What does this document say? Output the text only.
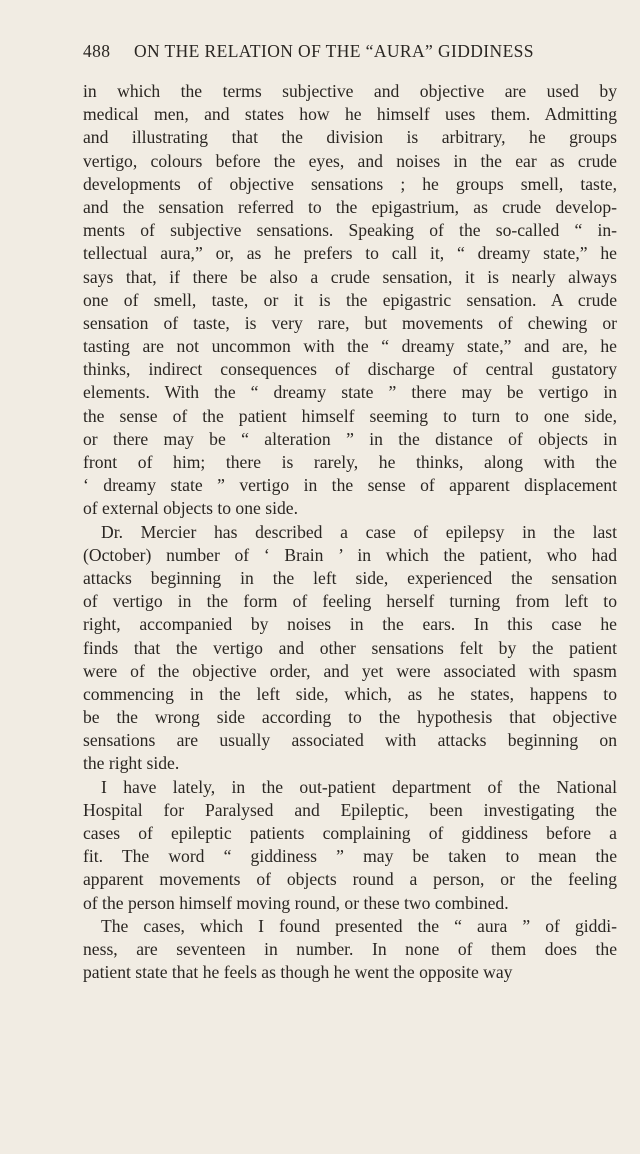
488 ON THE RELATION OF THE “AURA” GIDDINESS
in which the terms subjective and objective are used by
medical men, and states how he himself uses them. Admitting
and illustrating that the division is arbitrary, he groups
vertigo, colours before the eyes, and noises in the ear as crude
developments of objective sensations ; he groups smell, taste,
and the sensation referred to the epigastrium, as crude develop-
ments of subjective sensations. Speaking of the so-called “ in-
tellectual aura,” or, as he prefers to call it, “ dreamy state,” he
says that, if there be also a crude sensation, it is nearly always
one of smell, taste, or it is the epigastric sensation. A crude
sensation of taste, is very rare, but movements of chewing or
tasting are not uncommon with the “ dreamy state,” and are, he
thinks, indirect consequences of discharge of central gustatory
elements. With the “ dreamy state ” there may be vertigo in
the sense of the patient himself seeming to turn to one side,
or there may be “ alteration ” in the distance of objects in
front of him; there is rarely, he thinks, along with the
‘ dreamy state ” vertigo in the sense of apparent displacement
of external objects to one side.
Dr. Mercier has described a case of epilepsy in the last
(October) number of ‘ Brain ’ in which the patient, who had
attacks beginning in the left side, experienced the sensation
of vertigo in the form of feeling herself turning from left to
right, accompanied by noises in the ears. In this case he
finds that the vertigo and other sensations felt by the patient
were of the objective order, and yet were associated with spasm
commencing in the left side, which, as he states, happens to
be the wrong side according to the hypothesis that objective
sensations are usually associated with attacks beginning on
the right side.
I have lately, in the out-patient department of the National
Hospital for Paralysed and Epileptic, been investigating the
cases of epileptic patients complaining of giddiness before a
fit. The word “ giddiness ” may be taken to mean the
apparent movements of objects round a person, or the feeling
of the person himself moving round, or these two combined.
The cases, which I found presented the “ aura ” of giddi-
ness, are seventeen in number. In none of them does the
patient state that he feels as though he went the opposite way
